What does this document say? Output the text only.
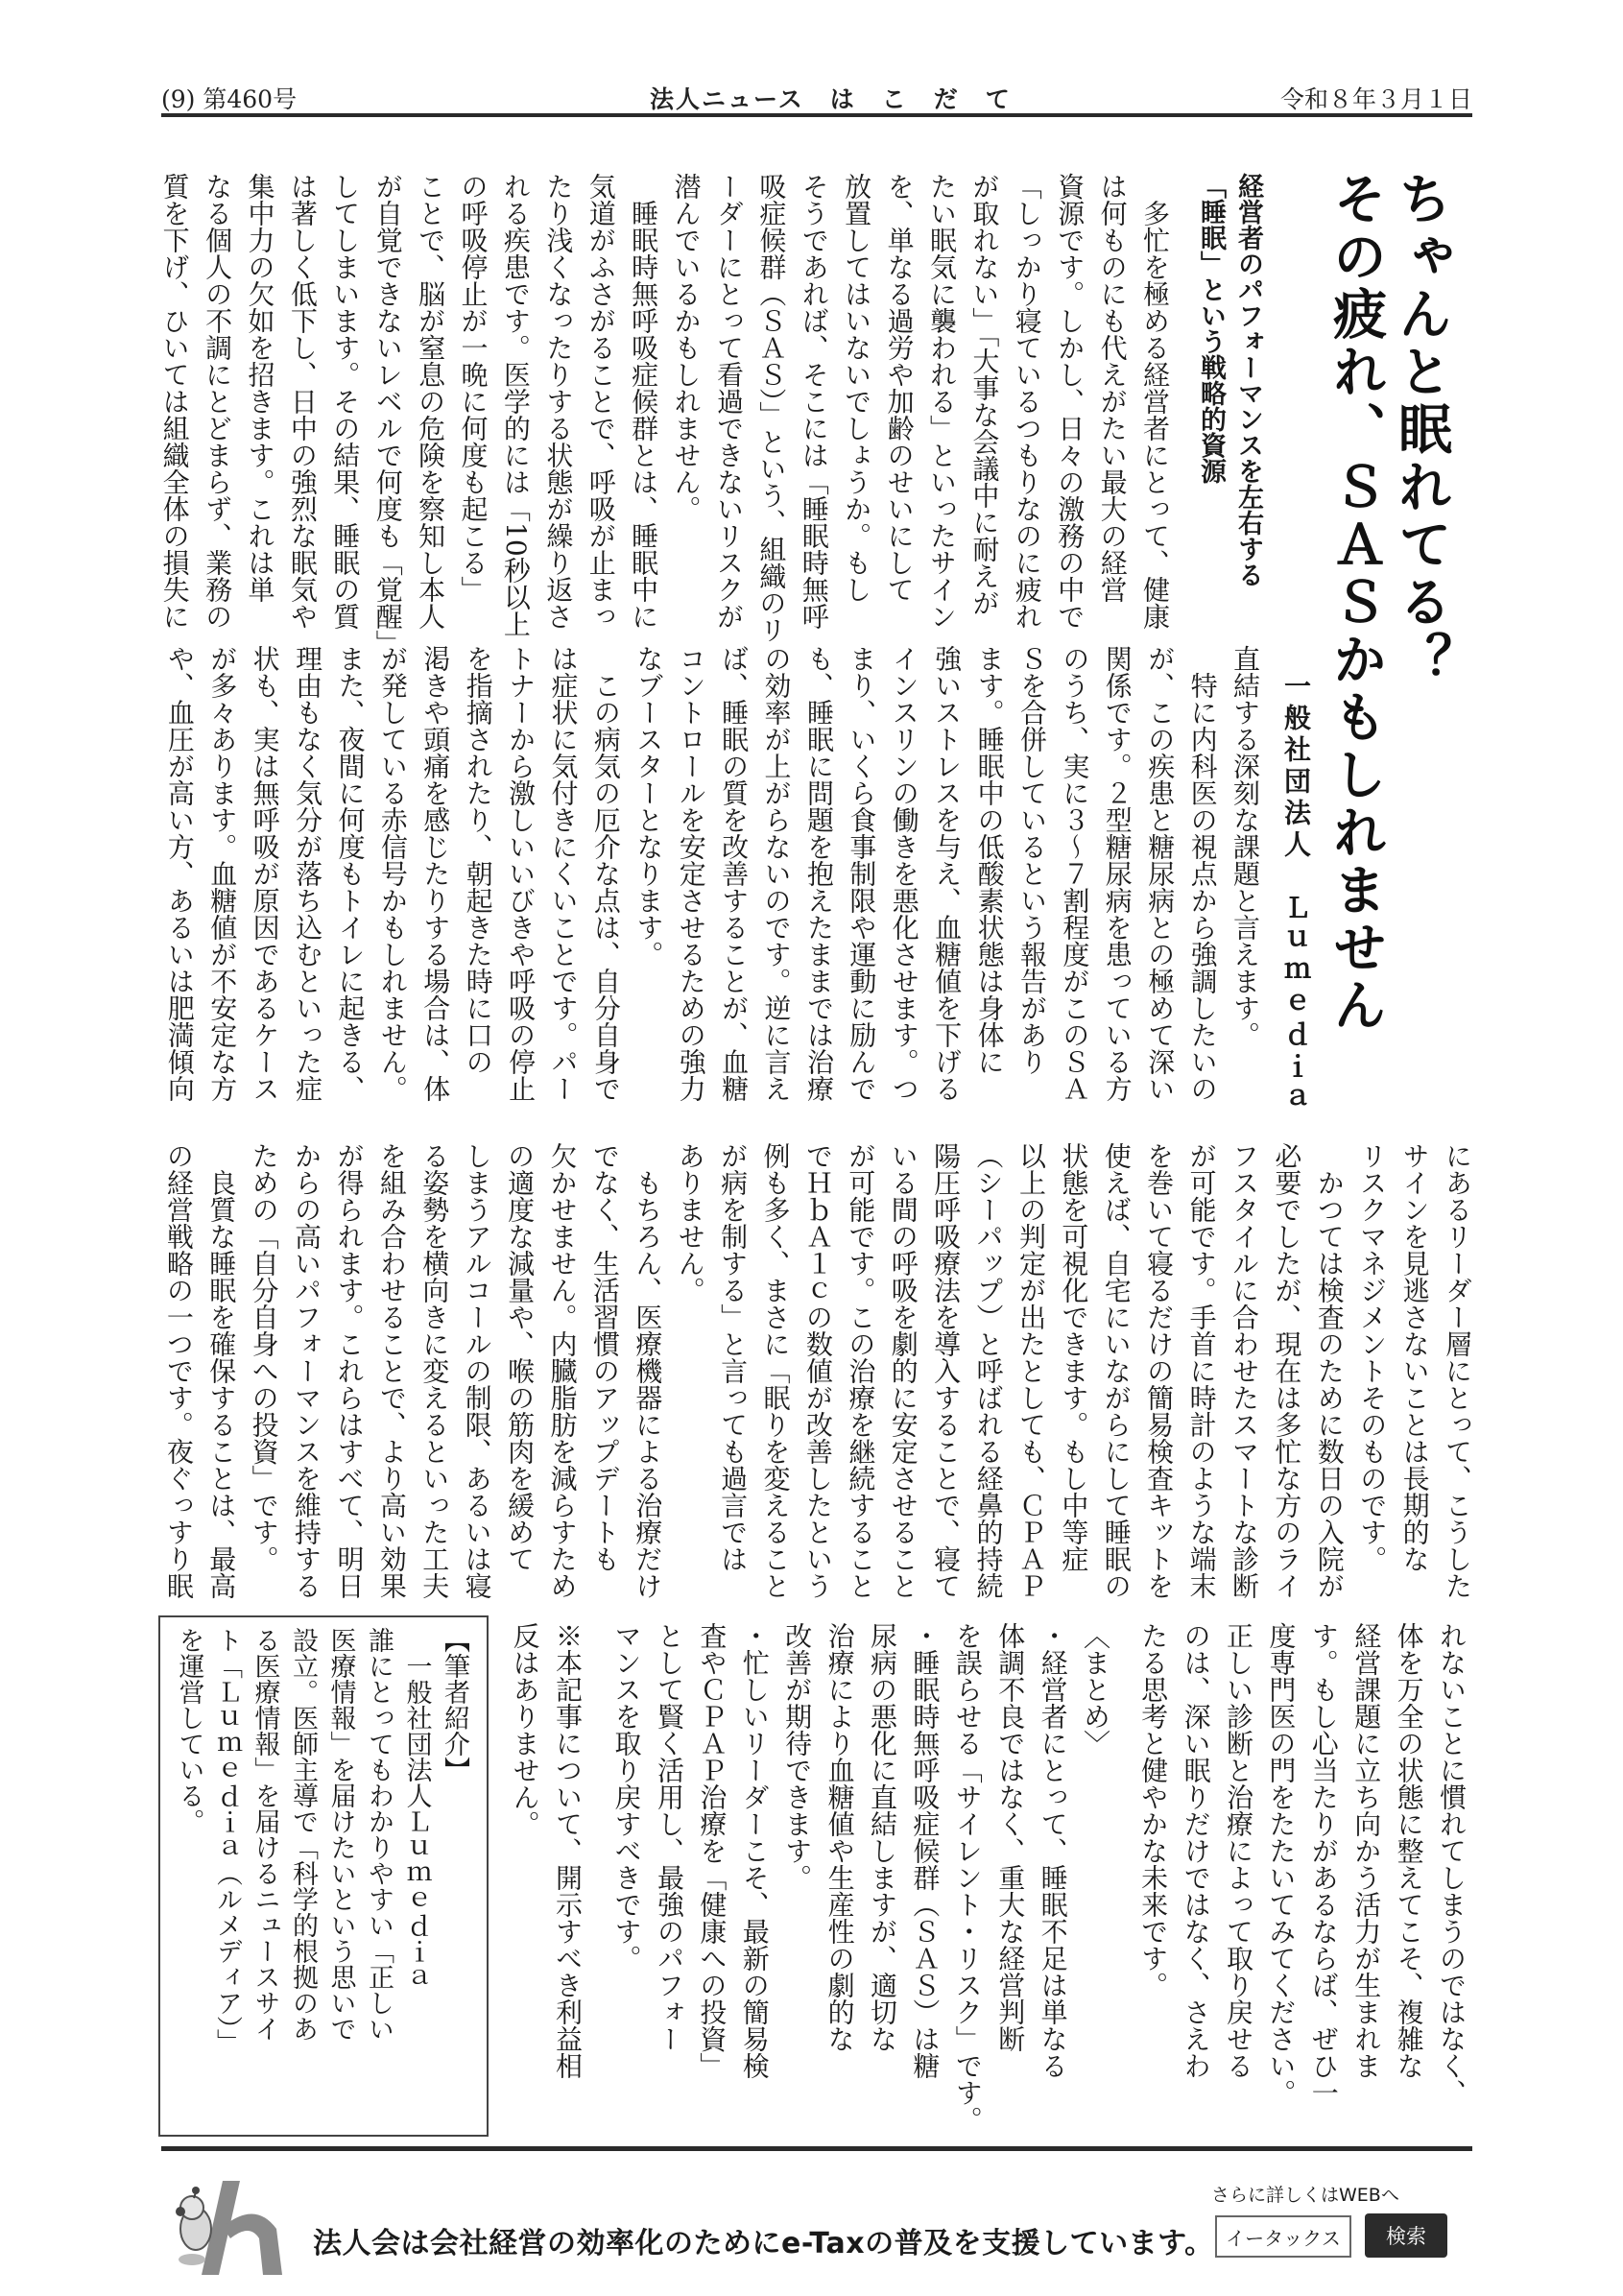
(9) 第460号	法人ニュース　は　こ　だ　て	令和８年３月１日
ちゃんと眠れてる？
その疲れ、ＳＡＳかもしれません
一般社団法人　Ｌｕｍｅｄｉａ
経営者のパフォーマンスを左右する
「睡眠」という戦略的資源
　多忙を極める経営者にとって、健康
は何ものにも代えがたい最大の経営
資源です。しかし、日々の激務の中で
「しっかり寝ているつもりなのに疲れ
が取れない」「大事な会議中に耐えが
たい眠気に襲われる」といったサイン
を、単なる過労や加齢のせいにして
放置してはいないでしょうか。もし
そうであれば、そこには「睡眠時無呼
吸症候群（ＳＡＳ）」という、組織のリ
ーダーにとって看過できないリスクが
潜んでいるかもしれません。
　睡眠時無呼吸症候群とは、睡眠中に
気道がふさがることで、呼吸が止まっ
たり浅くなったりする状態が繰り返さ
れる疾患です。医学的には「10秒以上
の呼吸停止が一晩に何度も起こる」
ことで、脳が窒息の危険を察知し本人
が自覚できないレベルで何度も「覚醒」
してしまいます。その結果、睡眠の質
は著しく低下し、日中の強烈な眠気や
集中力の欠如を招きます。これは単
なる個人の不調にとどまらず、業務の
質を下げ、ひいては組織全体の損失に
直結する深刻な課題と言えます。
　特に内科医の視点から強調したいの
が、この疾患と糖尿病との極めて深い
関係です。２型糖尿病を患っている方
のうち、実に３～７割程度がこのＳＡ
Ｓを合併しているという報告があり
ます。睡眠中の低酸素状態は身体に
強いストレスを与え、血糖値を下げる
インスリンの働きを悪化させます。つ
まり、いくら食事制限や運動に励んで
も、睡眠に問題を抱えたままでは治療
の効率が上がらないのです。逆に言え
ば、睡眠の質を改善することが、血糖
コントロールを安定させるための強力
なブースターとなります。
　この病気の厄介な点は、自分自身で
は症状に気付きにくいことです。パー
トナーから激しいいびきや呼吸の停止
を指摘されたり、朝起きた時に口の
渇きや頭痛を感じたりする場合は、体
が発している赤信号かもしれません。
また、夜間に何度もトイレに起きる、
理由もなく気分が落ち込むといった症
状も、実は無呼吸が原因であるケース
が多々あります。血糖値が不安定な方
や、血圧が高い方、あるいは肥満傾向
にあるリーダー層にとって、こうした
サインを見逃さないことは長期的な
リスクマネジメントそのものです。
　かつては検査のために数日の入院が
必要でしたが、現在は多忙な方のライ
フスタイルに合わせたスマートな診断
が可能です。手首に時計のような端末
を巻いて寝るだけの簡易検査キットを
使えば、自宅にいながらにして睡眠の
状態を可視化できます。もし中等症
以上の判定が出たとしても、ＣＰＡＰ
（シーパップ）と呼ばれる経鼻的持続
陽圧呼吸療法を導入することで、寝て
いる間の呼吸を劇的に安定させること
が可能です。この治療を継続すること
でＨｂＡ１ｃの数値が改善したという
例も多く、まさに「眠りを変えること
が病を制する」と言っても過言では
ありません。
　もちろん、医療機器による治療だけ
でなく、生活習慣のアップデートも
欠かせません。内臓脂肪を減らすため
の適度な減量や、喉の筋肉を緩めて
しまうアルコールの制限、あるいは寝
る姿勢を横向きに変えるといった工夫
を組み合わせることで、より高い効果
が得られます。これらはすべて、明日
からの高いパフォーマンスを維持する
ための「自分自身への投資」です。
　良質な睡眠を確保することは、最高
の経営戦略の一つです。夜ぐっすり眠
れないことに慣れてしまうのではなく、
体を万全の状態に整えてこそ、複雑な
経営課題に立ち向かう活力が生まれま
す。もし心当たりがあるならば、ぜひ一
度専門医の門をたたいてみてください。
正しい診断と治療によって取り戻せる
のは、深い眠りだけではなく、さえわ
たる思考と健やかな未来です。
〈まとめ〉
・経営者にとって、睡眠不足は単なる
体調不良ではなく、重大な経営判断
を誤らせる「サイレント・リスク」です。
・睡眠時無呼吸症候群（ＳＡＳ）は糖
尿病の悪化に直結しますが、適切な
治療により血糖値や生産性の劇的な
改善が期待できます。
・忙しいリーダーこそ、最新の簡易検
査やＣＰＡＰ治療を「健康への投資」
として賢く活用し、最強のパフォー
マンスを取り戻すべきです。
※本記事について、開示すべき利益相
反はありません。
【筆者紹介】
　一般社団法人Ｌｕｍｅｄｉａ
誰にとってもわかりやすい「正しい
医療情報」を届けたいという思いで
設立。医師主導で「科学的根拠のあ
る医療情報」を届けるニュースサイ
ト「Ｌｕｍｅｄｉａ（ルメディア）」
を運営している。
法人会は会社経営の効率化のためにe-Taxの普及を支援しています。
さらに詳しくはWEBへ
イータックス	検索
